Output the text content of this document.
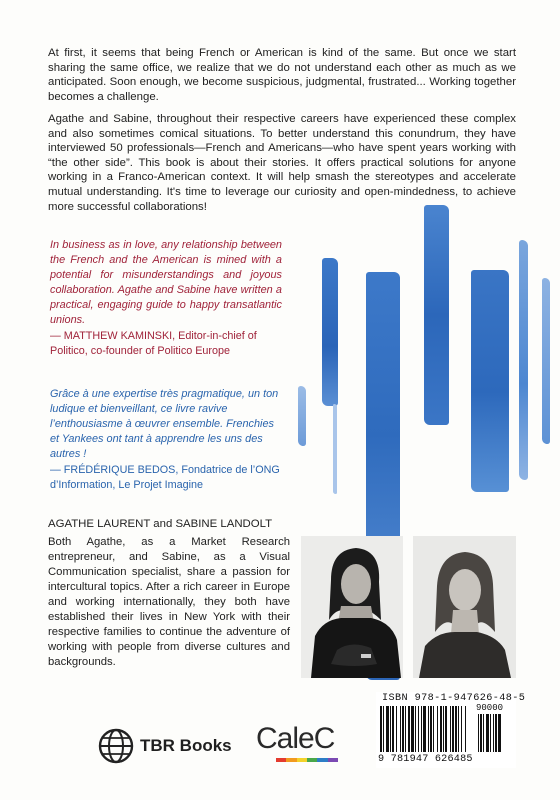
At first, it seems that being French or American is kind of the same. But once we start sharing the same office, we realize that we do not understand each other as much as we anticipated. Soon enough, we become suspicious, judgmental, frustrated... Working together becomes a challenge.

Agathe and Sabine, throughout their respective careers have experienced these complex and also sometimes comical situations. To better understand this conundrum, they have interviewed 50 professionals—French and Americans—who have spent years working with “the other side”. This book is about their stories. It offers practical solutions for anyone working in a Franco-American context. It will help smash the stereotypes and accelerate mutual understanding. It's time to leverage our curiosity and open-mindedness, to achieve more successful collaborations!

In business as in love, any relationship between the French and the American is mined with a potential for misunderstandings and joyous collaboration. Agathe and Sabine have written a practical, engaging guide to happy transatlantic unions.

— MATTHEW KAMINSKI, Editor-in-chief of Politico, co-founder of Politico Europe

Grâce à une expertise très pragmatique, un ton ludique et bienveillant, ce livre ravive l’enthousiasme à œuvrer ensemble. Frenchies et Yankees ont tant à apprendre les uns des autres !

— FRÉDÉRIQUE BEDOS, Fondatrice de l’ONG d’Information, Le Projet Imagine

AGATHE LAURENT and SABINE LANDOLT

Both Agathe, as a Market Research entrepreneur, and Sabine, as a Visual Communication specialist, share a passion for intercultural topics. After a rich career in Europe and working internationally, they both have established their lives in New York with their respective families to continue the adventure of working with people from diverse cultures and backgrounds.

TBR Books CaleC
ISBN 978-1-947626-48-5
90000
9 781947 626485
